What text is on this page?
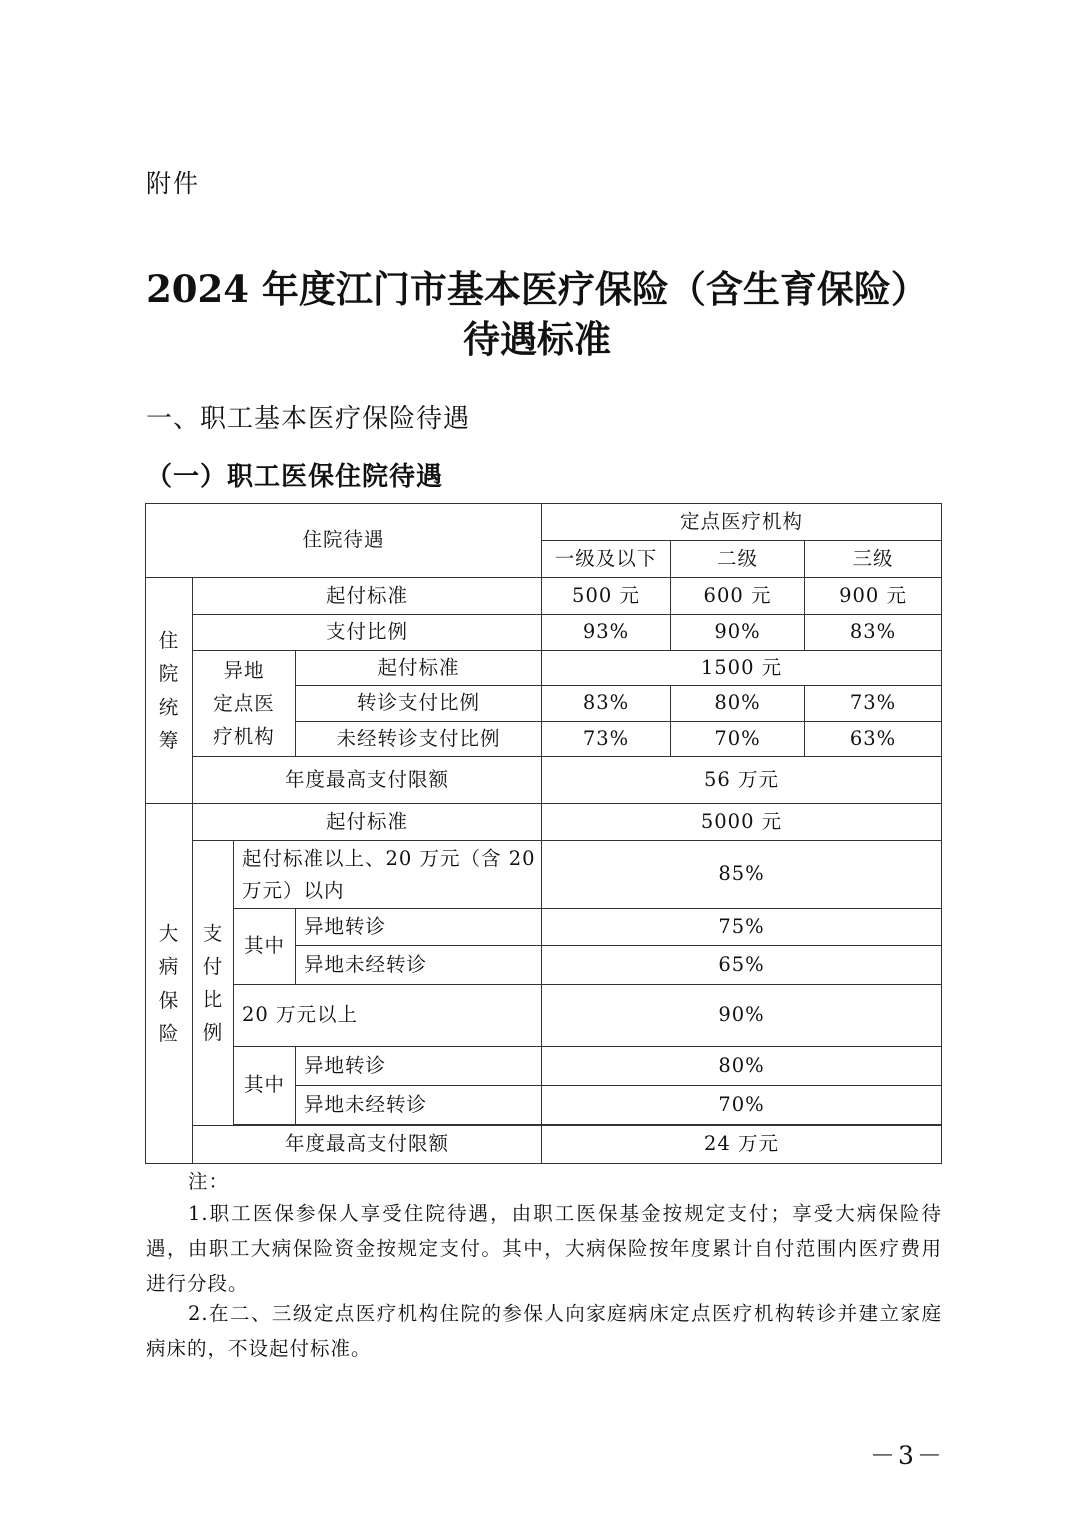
附件
2024 年度江门市基本医疗保险（含生育保险）
待遇标准
一、职工基本医疗保险待遇
（一）职工医保住院待遇
住院待遇				定点医疗机构		
				一级及以下	二级	三级
住
院
统
筹	起付标准			500 元	600 元	900 元
	支付比例			93%	90%	83%
	异地
定点医
疗机构		起付标准	1500 元		
			转诊支付比例	83%	80%	73%
			未经转诊支付比例	73%	70%	63%
	年度最高支付限额			56 万元		
大
病
保
险	起付标准			5000 元		
	支
付
比
例	起付标准以上、20 万元（含 20 万元）以内		85%		
		其中	异地转诊	75%		
			异地未经转诊	65%		
		20 万元以上		90%		
		其中	异地转诊	80%		
			异地未经转诊	70%		

	年度最高支付限额			24 万元		
注：
1.职工医保参保人享受住院待遇，由职工医保基金按规定支付；享受大病保险待遇，由职工大病保险资金按规定支付。其中，大病保险按年度累计自付范围内医疗费用进行分段。
2.在二、三级定点医疗机构住院的参保人向家庭病床定点医疗机构转诊并建立家庭病床的，不设起付标准。
－3－
